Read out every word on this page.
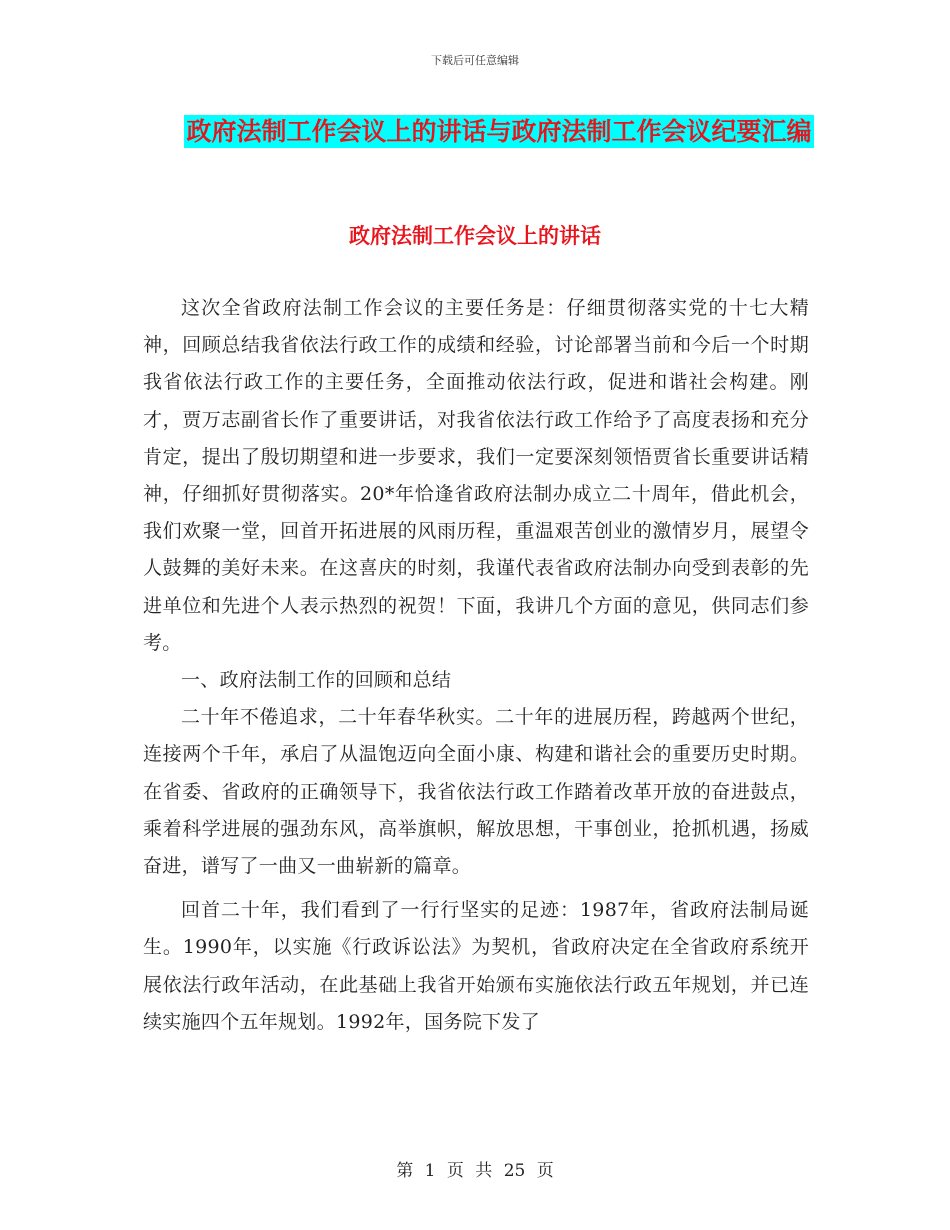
下载后可任意编辑
政府法制工作会议上的讲话与政府法制工作会议纪要汇编
政府法制工作会议上的讲话

这次全省政府法制工作会议的主要任务是：仔细贯彻落实党的十七大精神，回顾总结我省依法行政工作的成绩和经验，讨论部署当前和今后一个时期我省依法行政工作的主要任务，全面推动依法行政，促进和谐社会构建。刚才，贾万志副省长作了重要讲话，对我省依法行政工作给予了高度表扬和充分肯定，提出了殷切期望和进一步要求，我们一定要深刻领悟贾省长重要讲话精神，仔细抓好贯彻落实。20*年恰逢省政府法制办成立二十周年，借此机会，我们欢聚一堂，回首开拓进展的风雨历程，重温艰苦创业的激情岁月，展望令人鼓舞的美好未来。在这喜庆的时刻，我谨代表省政府法制办向受到表彰的先进单位和先进个人表示热烈的祝贺！下面，我讲几个方面的意见，供同志们参考。

一、政府法制工作的回顾和总结

二十年不倦追求，二十年春华秋实。二十年的进展历程，跨越两个世纪，连接两个千年，承启了从温饱迈向全面小康、构建和谐社会的重要历史时期。在省委、省政府的正确领导下，我省依法行政工作踏着改革开放的奋进鼓点，乘着科学进展的强劲东风，高举旗帜，解放思想，干事创业，抢抓机遇，扬威奋进，谱写了一曲又一曲崭新的篇章。

回首二十年，我们看到了一行行坚实的足迹：1987年，省政府法制局诞生。1990年，以实施《行政诉讼法》为契机，省政府决定在全省政府系统开展依法行政年活动，在此基础上我省开始颁布实施依法行政五年规划，并已连续实施四个五年规划。1992年，国务院下发了

第 1 页 共 25 页
